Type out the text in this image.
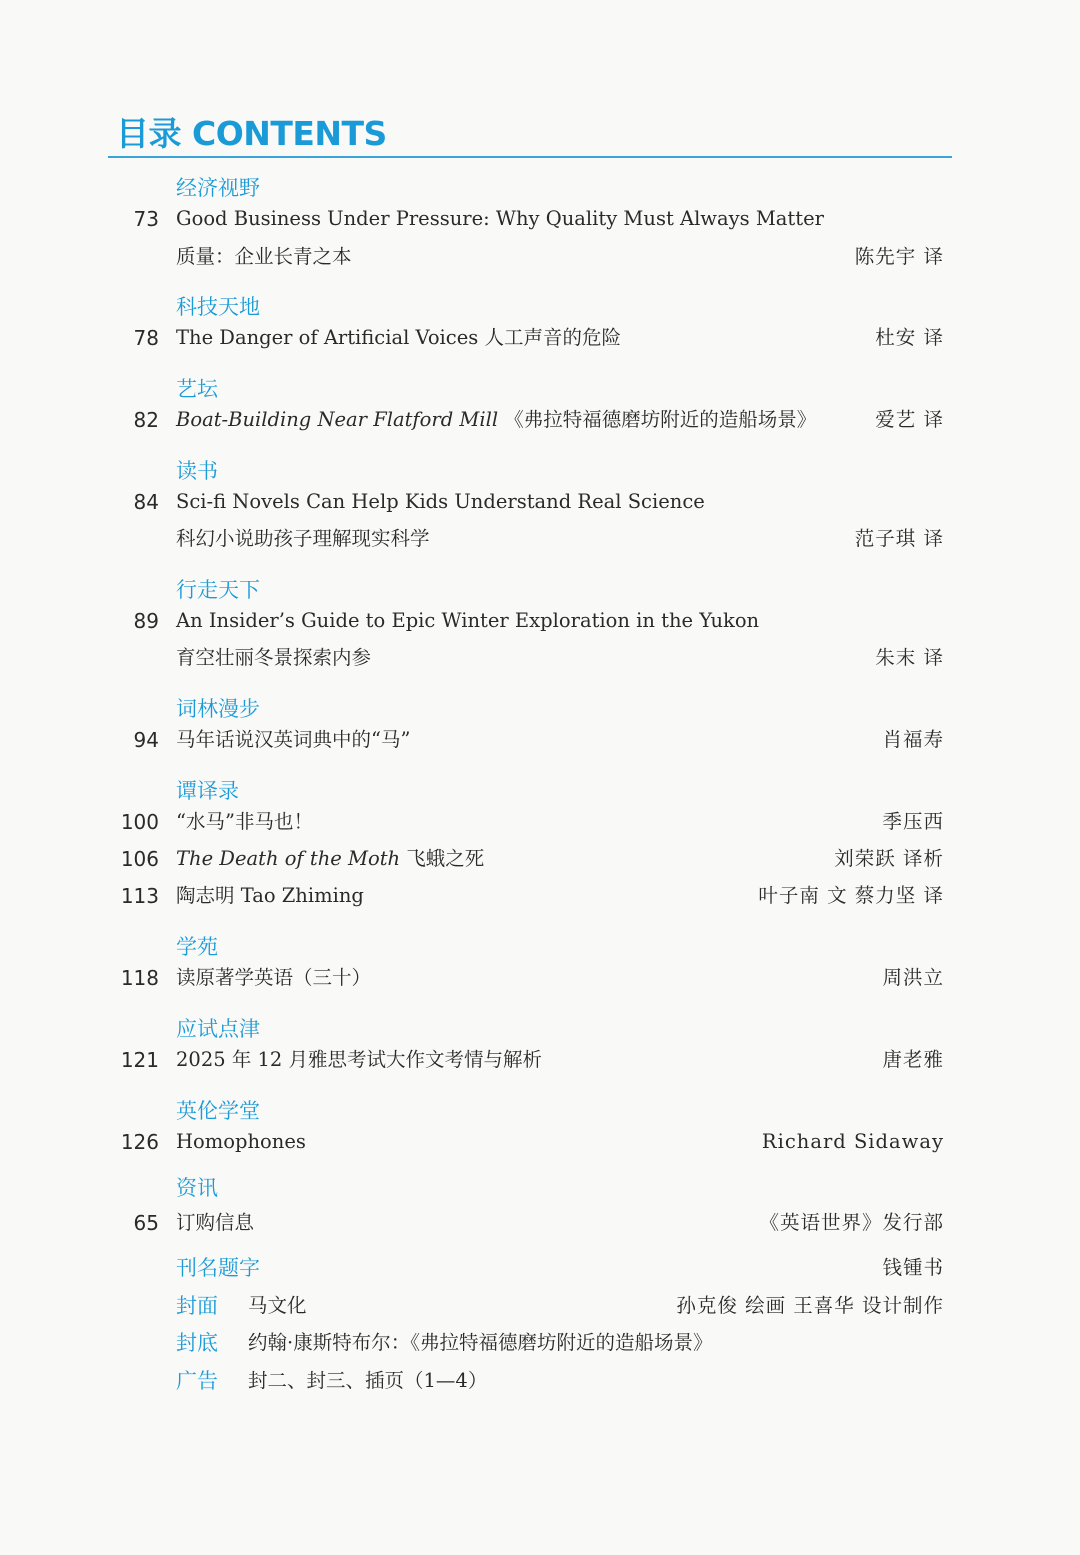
目录 CONTENTS
经济视野
73 Good Business Under Pressure: Why Quality Must Always Matter
质量：企业长青之本	陈先宇 译
科技天地
78 The Danger of Artificial Voices 人工声音的危险	杜安 译
艺坛
82 Boat-Building Near Flatford Mill 《弗拉特福德磨坊附近的造船场景》	爱艺 译
读书
84 Sci-fi Novels Can Help Kids Understand Real Science
科幻小说助孩子理解现实科学	范子琪 译
行走天下
89 An Insider’s Guide to Epic Winter Exploration in the Yukon
育空壮丽冬景探索内参	朱末 译
词林漫步
94 马年话说汉英词典中的“马”	肖福寿
谭译录
100 “水马”非马也！	季压西
106 The Death of the Moth 飞蛾之死	刘荣跃 译析
113 陶志明 Tao Zhiming	叶子南 文 蔡力坚 译
学苑
118 读原著学英语（三十）	周洪立
应试点津
121 2025 年 12 月雅思考试大作文考情与解析	唐老雅
英伦学堂
126 Homophones	Richard Sidaway
资讯
65 订购信息	《英语世界》发行部
刊名题字	钱锺书
封面 马文化	孙克俊 绘画 王喜华 设计制作
封底 约翰·康斯特布尔：《弗拉特福德磨坊附近的造船场景》
广告 封二、封三、插页（1—4）
